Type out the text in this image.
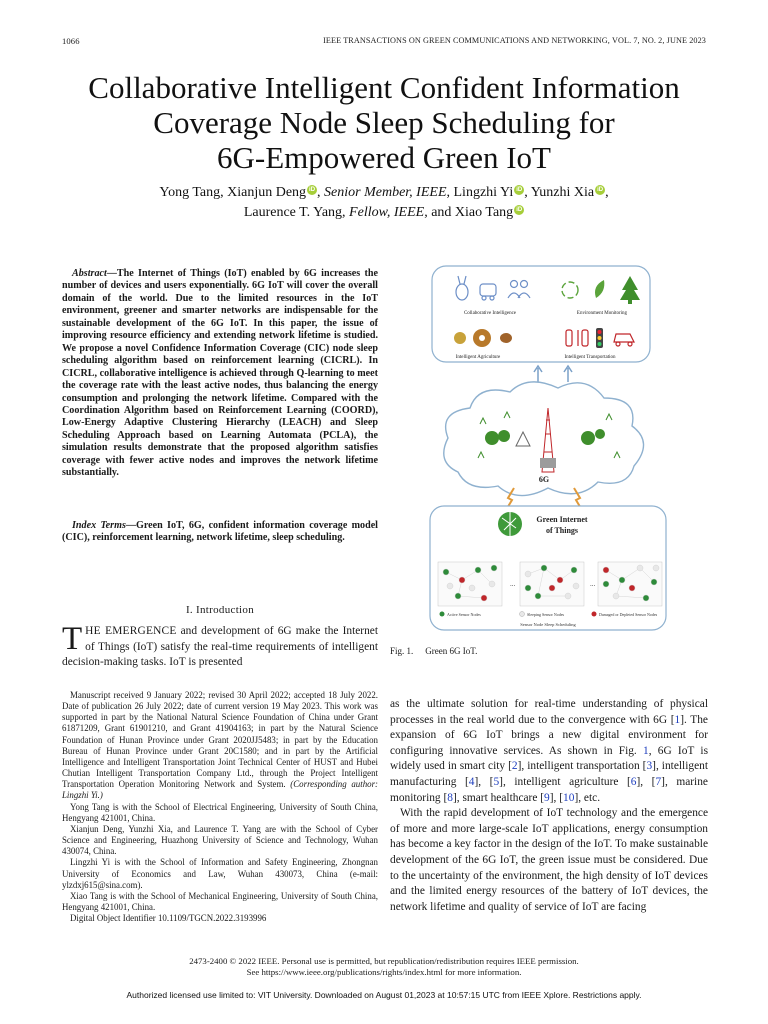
1066	IEEE TRANSACTIONS ON GREEN COMMUNICATIONS AND NETWORKING, VOL. 7, NO. 2, JUNE 2023
Collaborative Intelligent Confident Information
Coverage Node Sleep Scheduling for
6G-Empowered Green IoT
Yong Tang, Xianjun Deng iD , Senior Member, IEEE, Lingzhi Yi iD , Yunzhi Xia iD ,
Laurence T. Yang, Fellow, IEEE, and Xiao Tang iD
Abstract—The Internet of Things (IoT) enabled by 6G increases the number of devices and users exponentially. 6G IoT will cover the overall domain of the world. Due to the limited resources in the IoT environment, greener and smarter networks are indispensable for the sustainable development of the 6G IoT. In this paper, the issue of improving resource efficiency and extending network lifetime is studied. We propose a novel Confidence Information Coverage (CIC) node sleep scheduling algorithm based on reinforcement learning (CICRL). In CICRL, collaborative intelligence is achieved through Q-learning to meet the coverage rate with the least active nodes, thus balancing the energy consumption and prolonging the network lifetime. Compared with the Coordination Algorithm based on Reinforcement Learning (COORD), Low-Energy Adaptive Clustering Hierarchy (LEACH) and Sleep Scheduling Approach based on Learning Automata (PCLA), the simulation results demonstrate that the proposed algorithm satisfies coverage with fewer active nodes and improves the network lifetime substantially.
Index Terms—Green IoT, 6G, confident information coverage model (CIC), reinforcement learning, network lifetime, sleep scheduling.
I. Introduction
THE EMERGENCE and development of 6G make the Internet of Things (IoT) satisfy the real-time requirements of intelligent decision-making tasks. IoT is presented

Manuscript received 9 January 2022; revised 30 April 2022; accepted 18 July 2022. Date of publication 26 July 2022; date of current version 19 May 2023. This work was supported in part by the National Natural Science Foundation of China under Grant 61871209, Grant 61901210, and Grant 41904163; in part by the Natural Science Foundation of Hunan Province under Grant 2020JJ5483; in part by the Education Bureau of Hunan Province under Grant 20C1580; and in part by the Artificial Intelligence and Intelligent Transportation Joint Technical Center of HUST and Hubei Chutian Intelligent Transportation Company Ltd., through the Project Intelligent Transportation Operation Monitoring Network and System. (Corresponding author: Lingzhi Yi.)

Yong Tang is with the School of Electrical Engineering, University of South China, Hengyang 421001, China.

Xianjun Deng, Yunzhi Xia, and Laurence T. Yang are with the School of Cyber Science and Engineering, Huazhong University of Science and Technology, Wuhan 430074, China.

Lingzhi Yi is with the School of Information and Safety Engineering, Zhongnan University of Economics and Law, Wuhan 430073, China (e-mail: ylzdxj615@sina.com).

Xiao Tang is with the School of Mechanical Engineering, University of South China, Hengyang 421001, China.

Digital Object Identifier 10.1109/TGCN.2022.3193996

Collaborative Intelligence	Environment Monitoring
Intelligent Agriculture	Intelligent Transportation
6G
Green Internet
of Things
...	...
Active Sensor Nodes	Sleeping Sensor Nodes	Damaged or Depleted Sensor Nodes
Sensor Node Sleep Scheduling
Fig. 1. Green 6G IoT.

as the ultimate solution for real-time understanding of physical processes in the real world due to the convergence with 6G [1]. The expansion of 6G IoT brings a new digital environment for configuring innovative services. As shown in Fig. 1, 6G IoT is widely used in smart city [2], intelligent transportation [3], intelligent manufacturing [4], [5], intelligent agriculture [6], [7], marine monitoring [8], smart healthcare [9], [10], etc.

With the rapid development of IoT technology and the emergence of more and more large-scale IoT applications, energy consumption has become a key factor in the design of the IoT. To make sustainable development of the 6G IoT, the green issue must be considered. Due to the uncertainty of the environment, the high density of IoT devices and the limited energy resources of the battery of IoT devices, the network lifetime and quality of service of IoT are facing

2473-2400 © 2022 IEEE. Personal use is permitted, but republication/redistribution requires IEEE permission.
See https://www.ieee.org/publications/rights/index.html for more information.
Authorized licensed use limited to: VIT University. Downloaded on August 01,2023 at 10:57:15 UTC from IEEE Xplore. Restrictions apply.
